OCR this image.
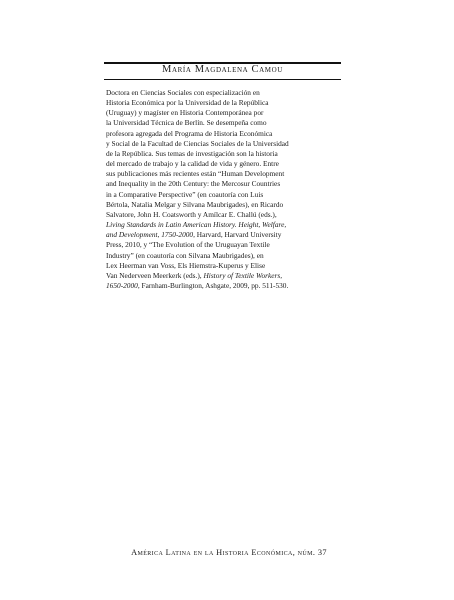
María Magdalena Camou

Doctora en Ciencias Sociales con especialización en
Historia Económica por la Universidad de la República
(Uruguay) y magíster en Historia Contemporánea por
la Universidad Técnica de Berlín. Se desempeña como
profesora agregada del Programa de Historia Económica
y Social de la Facultad de Ciencias Sociales de la Universidad
de la República. Sus temas de investigación son la historia
del mercado de trabajo y la calidad de vida y género. Entre
sus publicaciones más recientes están “Human Development
and Inequality in the 20th Century: the Mercosur Countries
in a Comparative Perspective” (en coautoría con Luis
Bértola, Natalia Melgar y Silvana Maubrigades), en Ricardo
Salvatore, John H. Coatsworth y Amílcar E. Challú (eds.),
Living Standards in Latin American History. Height, Welfare,
and Development, 1750-2000, Harvard, Harvard University
Press, 2010, y “The Evolution of the Uruguayan Textile
Industry” (en coautoría con Silvana Maubrigades), en
Lex Heerman van Voss, Els Hiemstra-Kuperus y Elise
Van Nederveen Meerkerk (eds.), History of Textile Workers,
1650-2000, Farnham-Burlington, Ashgate, 2009, pp. 511-530.

América Latina en la Historia Económica, núm. 37
